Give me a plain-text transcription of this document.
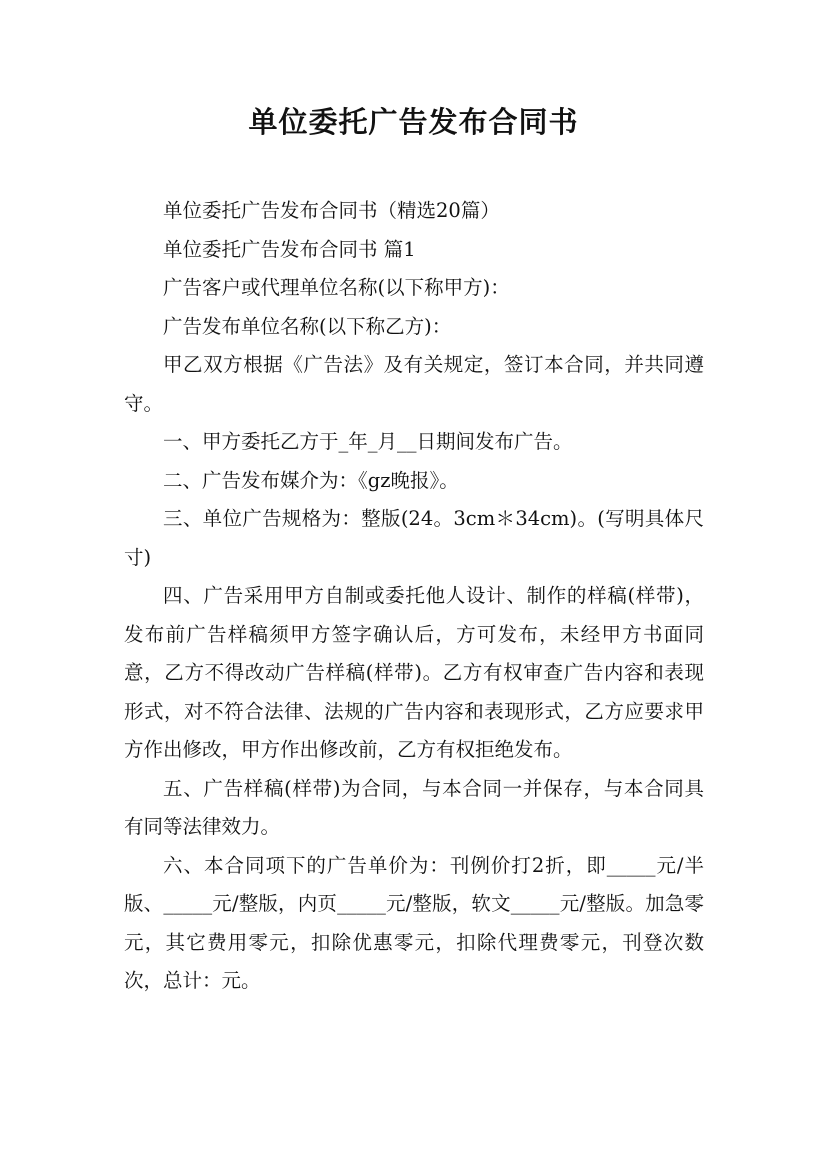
单位委托广告发布合同书

单位委托广告发布合同书（精选20篇）

单位委托广告发布合同书 篇1

广告客户或代理单位名称(以下称甲方)：

广告发布单位名称(以下称乙方)：

甲乙双方根据《广告法》及有关规定，签订本合同，并共同遵守。

一、甲方委托乙方于_年_月__日期间发布广告。

二、广告发布媒介为：《gz晚报》。

三、单位广告规格为：整版(24。3cm＊34cm)。(写明具体尺寸)

四、广告采用甲方自制或委托他人设计、制作的样稿(样带)，发布前广告样稿须甲方签字确认后，方可发布，未经甲方书面同意，乙方不得改动广告样稿(样带)。乙方有权审查广告内容和表现形式，对不符合法律、法规的广告内容和表现形式，乙方应要求甲方作出修改，甲方作出修改前，乙方有权拒绝发布。

五、广告样稿(样带)为合同，与本合同一并保存，与本合同具有同等法律效力。

六、本合同项下的广告单价为：刊例价打2折，即_____元/半版、_____元/整版，内页_____元/整版，软文_____元/整版。加急零元，其它费用零元，扣除优惠零元，扣除代理费零元，刊登次数次，总计：元。
